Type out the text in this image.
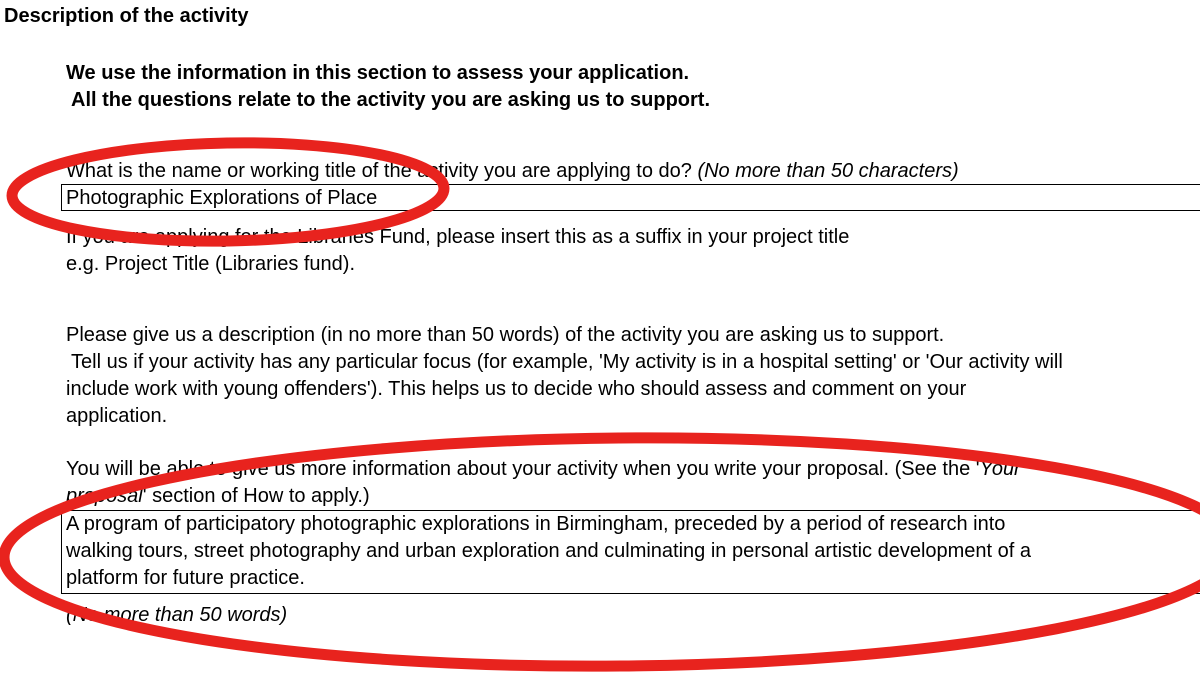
Description of the activity
We use the information in this section to assess your application.
All the questions relate to the activity you are asking us to support.
What is the name or working title of the activity you are applying to do? (No more than 50 characters)
Photographic Explorations of Place
If you are applying for the Libraries Fund, please insert this as a suffix in your project title
e.g. Project Title (Libraries fund).
Please give us a description (in no more than 50 words) of the activity you are asking us to support.
Tell us if your activity has any particular focus (for example, 'My activity is in a hospital setting' or 'Our activity will
include work with young offenders'). This helps us to decide who should assess and comment on your
application.
You will be able to give us more information about your activity when you write your proposal. (See the 'Your
proposal' section of How to apply.)
A program of participatory photographic explorations in Birmingham, preceded by a period of research into
walking tours, street photography and urban exploration and culminating in personal artistic development of a
platform for future practice.
(No more than 50 words)
